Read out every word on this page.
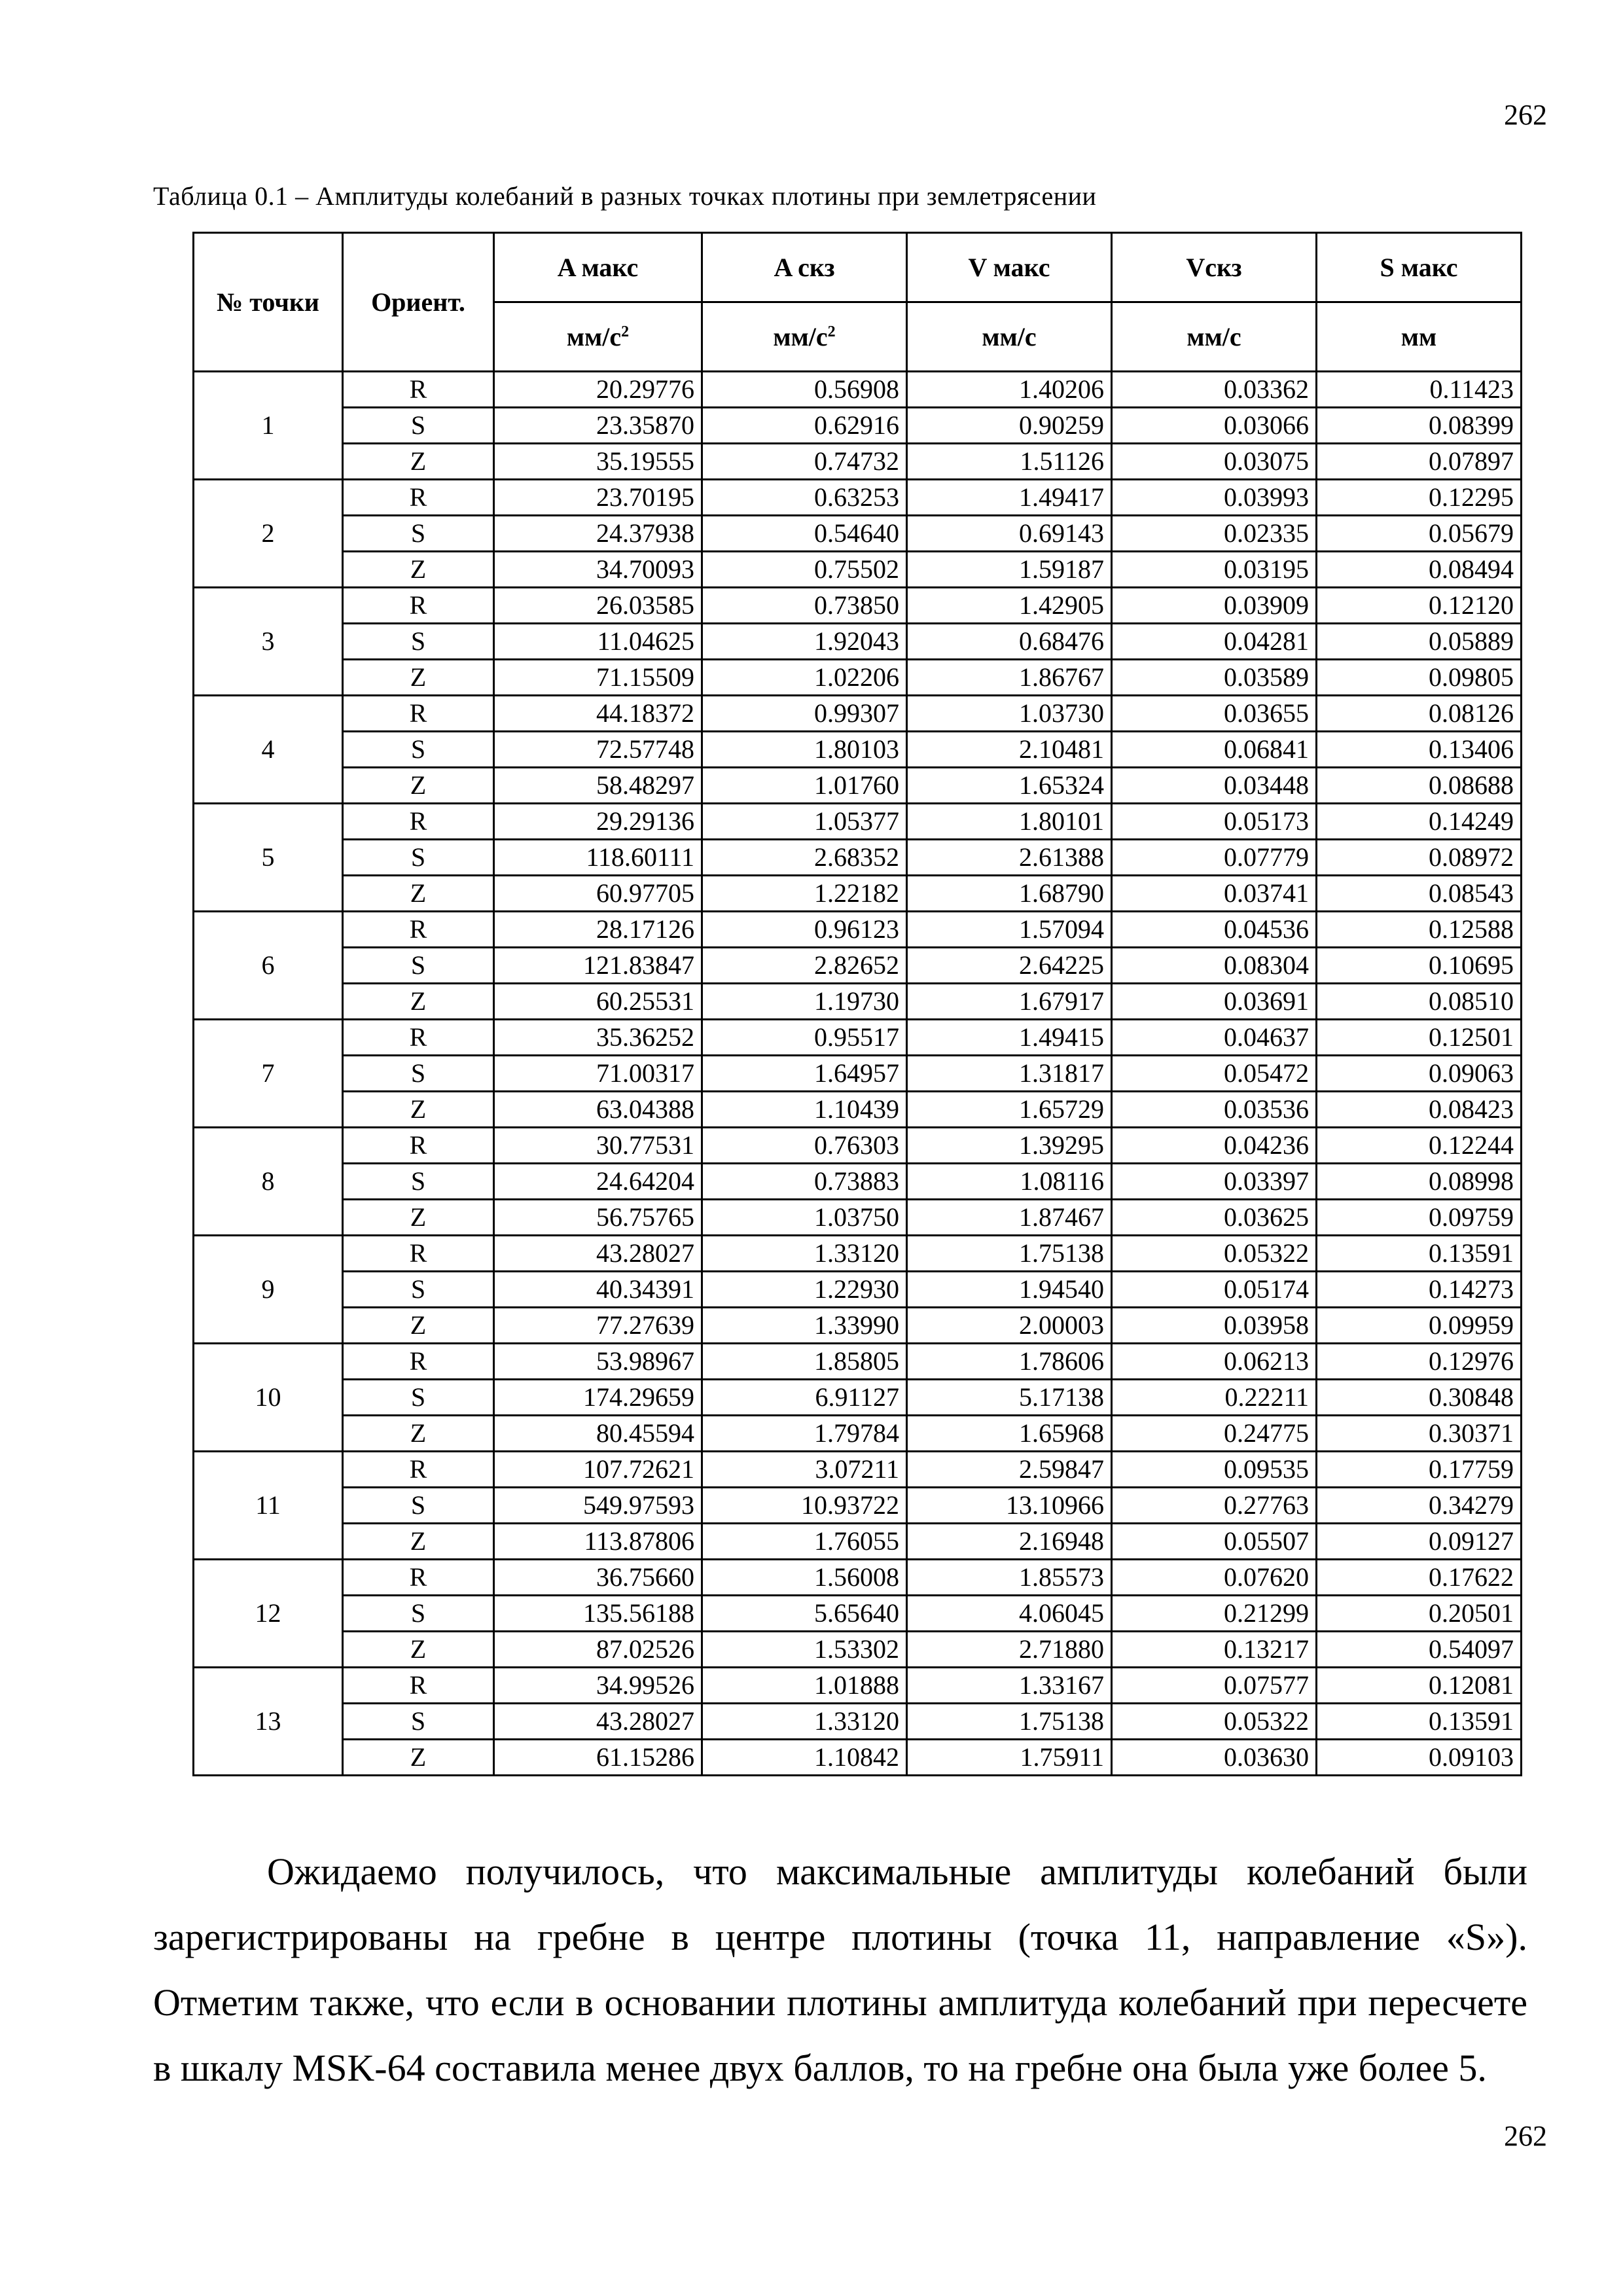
262
Таблица 0.1 – Амплитуды колебаний в разных точках плотины при землетрясении
№ точки	Ориент.	A макс	A скз	V макс	Vскз	S макс
		$мм/с^2$	$мм/с^2$	мм/с	мм/с	мм
1	R	20.29776	0.56908	1.40206	0.03362	0.11423
	S	23.35870	0.62916	0.90259	0.03066	0.08399
	Z	35.19555	0.74732	1.51126	0.03075	0.07897
2	R	23.70195	0.63253	1.49417	0.03993	0.12295
	S	24.37938	0.54640	0.69143	0.02335	0.05679
	Z	34.70093	0.75502	1.59187	0.03195	0.08494
3	R	26.03585	0.73850	1.42905	0.03909	0.12120
	S	11.04625	1.92043	0.68476	0.04281	0.05889
	Z	71.15509	1.02206	1.86767	0.03589	0.09805
4	R	44.18372	0.99307	1.03730	0.03655	0.08126
	S	72.57748	1.80103	2.10481	0.06841	0.13406
	Z	58.48297	1.01760	1.65324	0.03448	0.08688
5	R	29.29136	1.05377	1.80101	0.05173	0.14249
	S	118.60111	2.68352	2.61388	0.07779	0.08972
	Z	60.97705	1.22182	1.68790	0.03741	0.08543
6	R	28.17126	0.96123	1.57094	0.04536	0.12588
	S	121.83847	2.82652	2.64225	0.08304	0.10695
	Z	60.25531	1.19730	1.67917	0.03691	0.08510
7	R	35.36252	0.95517	1.49415	0.04637	0.12501
	S	71.00317	1.64957	1.31817	0.05472	0.09063
	Z	63.04388	1.10439	1.65729	0.03536	0.08423
8	R	30.77531	0.76303	1.39295	0.04236	0.12244
	S	24.64204	0.73883	1.08116	0.03397	0.08998
	Z	56.75765	1.03750	1.87467	0.03625	0.09759
9	R	43.28027	1.33120	1.75138	0.05322	0.13591
	S	40.34391	1.22930	1.94540	0.05174	0.14273
	Z	77.27639	1.33990	2.00003	0.03958	0.09959
10	R	53.98967	1.85805	1.78606	0.06213	0.12976
	S	174.29659	6.91127	5.17138	0.22211	0.30848
	Z	80.45594	1.79784	1.65968	0.24775	0.30371
11	R	107.72621	3.07211	2.59847	0.09535	0.17759
	S	549.97593	10.93722	13.10966	0.27763	0.34279
	Z	113.87806	1.76055	2.16948	0.05507	0.09127
12	R	36.75660	1.56008	1.85573	0.07620	0.17622
	S	135.56188	5.65640	4.06045	0.21299	0.20501
	Z	87.02526	1.53302	2.71880	0.13217	0.54097
13	R	34.99526	1.01888	1.33167	0.07577	0.12081
	S	43.28027	1.33120	1.75138	0.05322	0.13591
	Z	61.15286	1.10842	1.75911	0.03630	0.09103
Ожидаемо получилось, что максимальные амплитуды колебаний были зарегистрированы на гребне в центре плотины (точка 11, направление «S»). Отметим также, что если в основании плотины амплитуда колебаний при пересчете в шкалу MSK-64 составила менее двух баллов, то на гребне она была уже более 5.
262
